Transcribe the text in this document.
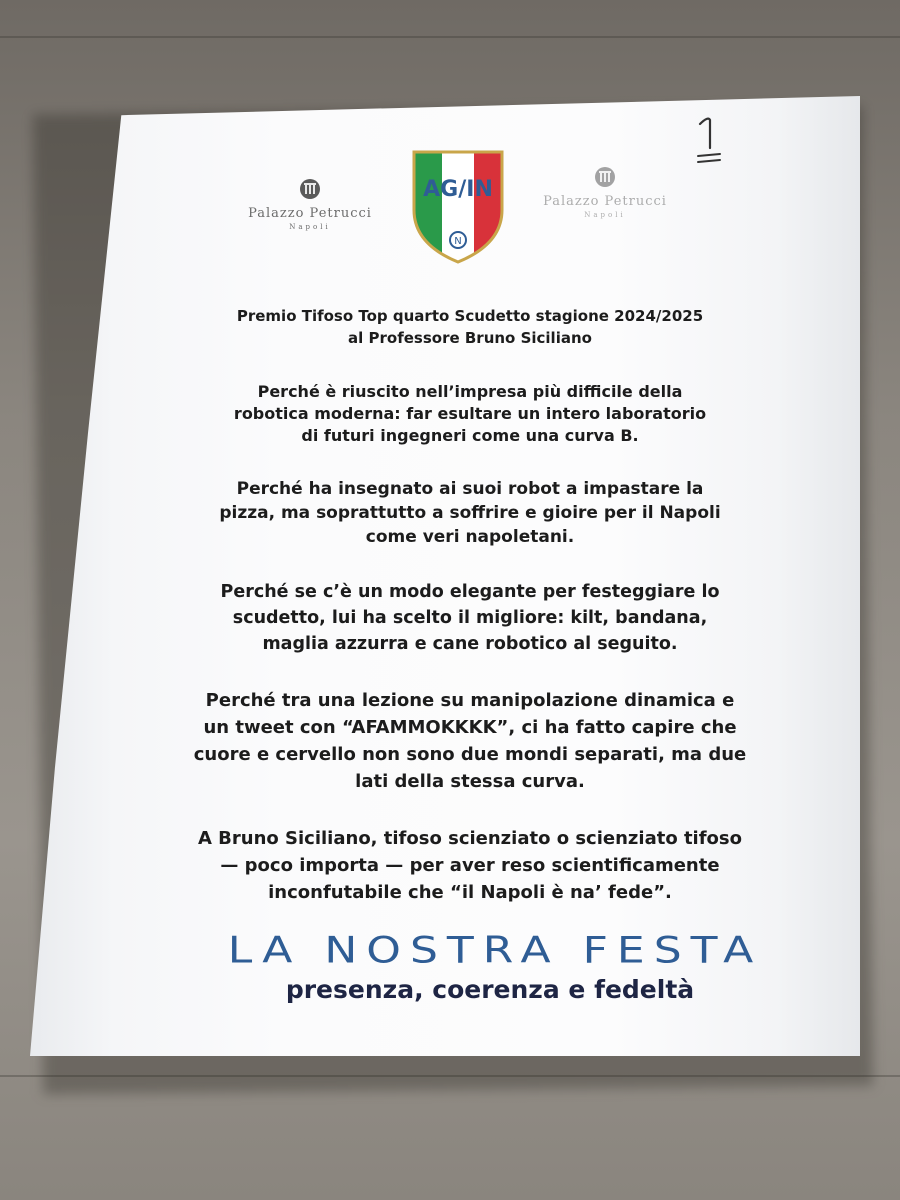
Palazzo Petrucci
Napoli
N
AG/IN	Palazzo Petrucci
Napoli
Premio Tifoso Top quarto Scudetto stagione 2024/2025
al Professore Bruno Siciliano
Perché è riuscito nell’impresa più difficile della
robotica moderna: far esultare un intero laboratorio
di futuri ingegneri come una curva B.
Perché ha insegnato ai suoi robot a impastare la
pizza, ma soprattutto a soffrire e gioire per il Napoli
come veri napoletani.
Perché se c’è un modo elegante per festeggiare lo
scudetto, lui ha scelto il migliore: kilt, bandana,
maglia azzurra e cane robotico al seguito.
Perché tra una lezione su manipolazione dinamica e
un tweet con “AFAMMOKKKK”, ci ha fatto capire che
cuore e cervello non sono due mondi separati, ma due
lati della stessa curva.
A Bruno Siciliano, tifoso scienziato o scienziato tifoso
— poco importa — per aver reso scientificamente
inconfutabile che “il Napoli è na’ fede”.
LA NOSTRA FESTA
presenza, coerenza e fedeltà
